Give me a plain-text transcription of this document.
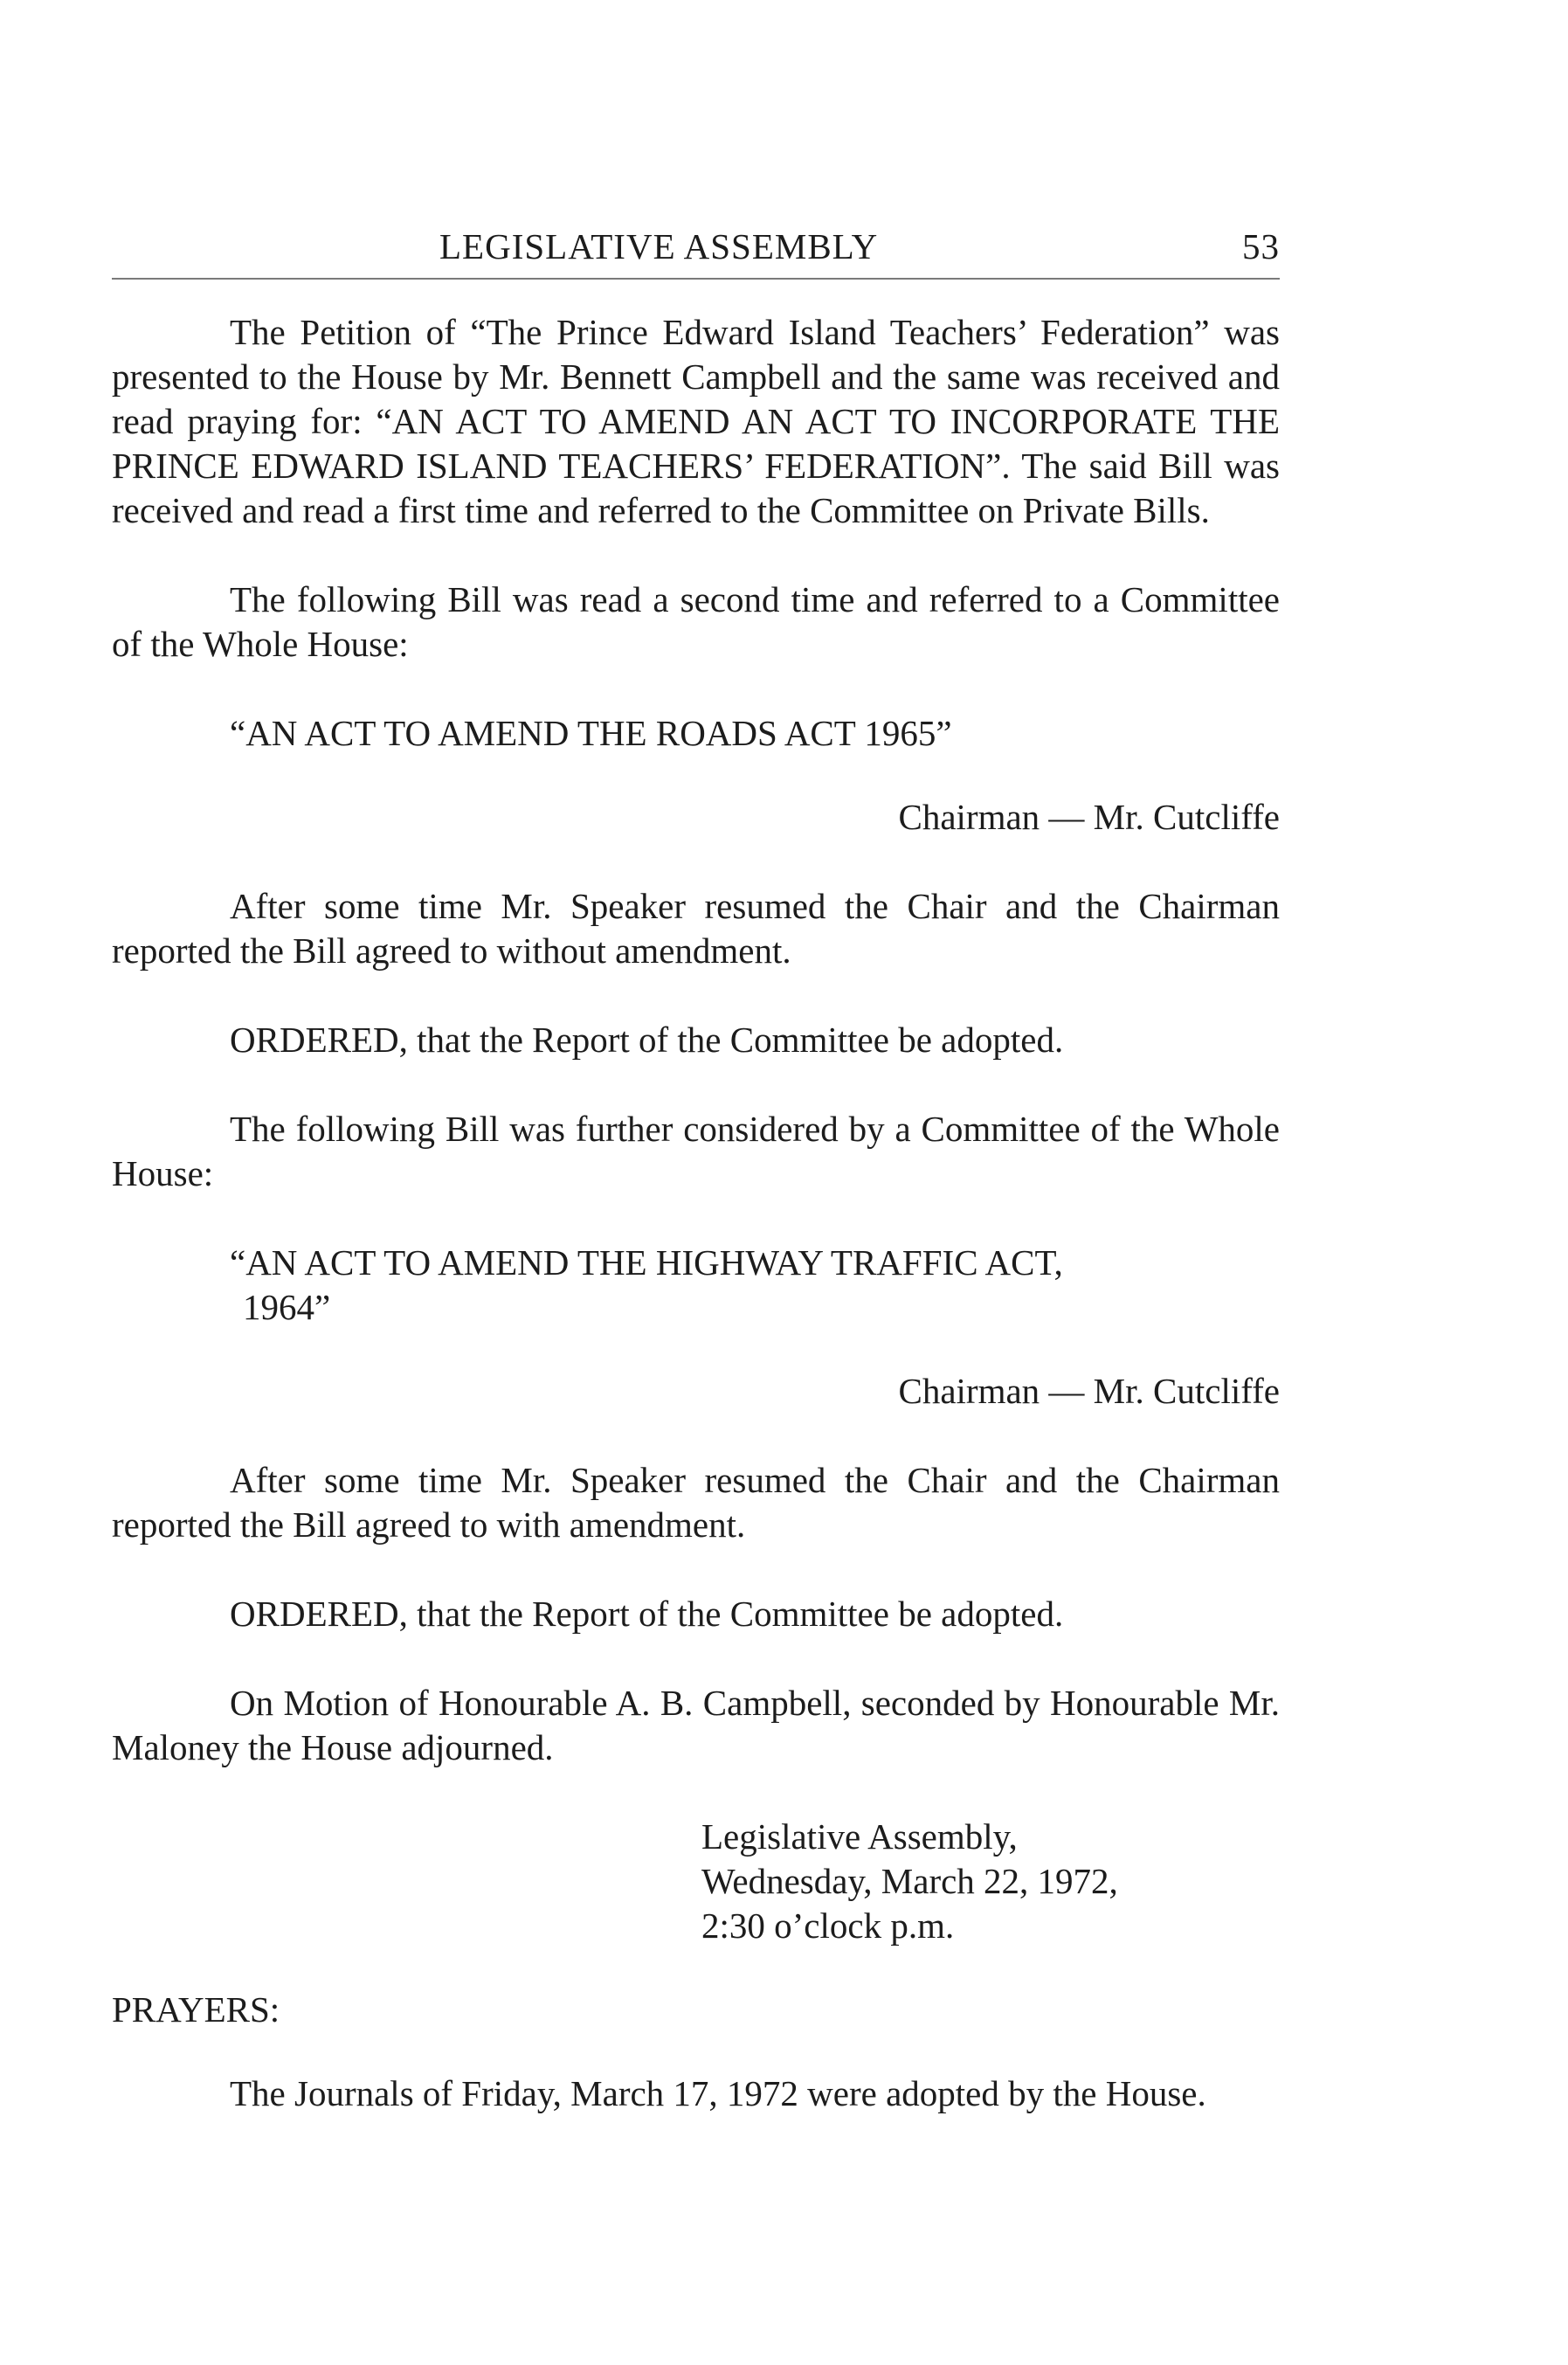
LEGISLATIVE ASSEMBLY	53

The Petition of “The Prince Edward Island Teachers’ Federation” was presented to the House by Mr. Bennett Campbell and the same was received and read praying for: “AN ACT TO AMEND AN ACT TO INCORPORATE THE PRINCE EDWARD ISLAND TEACHERS’ FEDERATION”. The said Bill was received and read a first time and referred to the Committee on Private Bills.

The following Bill was read a second time and referred to a Committee of the Whole House:

“AN ACT TO AMEND THE ROADS ACT 1965”

Chairman — Mr. Cutcliffe

After some time Mr. Speaker resumed the Chair and the Chairman reported the Bill agreed to without amendment.

ORDERED, that the Report of the Committee be adopted.

The following Bill was further considered by a Committee of the Whole House:

“AN ACT TO AMEND THE HIGHWAY TRAFFIC ACT,
1964”

Chairman — Mr. Cutcliffe

After some time Mr. Speaker resumed the Chair and the Chairman reported the Bill agreed to with amendment.

ORDERED, that the Report of the Committee be adopted.

On Motion of Honourable A. B. Campbell, seconded by Honourable Mr. Maloney the House adjourned.

Legislative Assembly,
Wednesday, March 22, 1972,
2:30 o’clock p.m.

PRAYERS:

The Journals of Friday, March 17, 1972 were adopted by the House.
